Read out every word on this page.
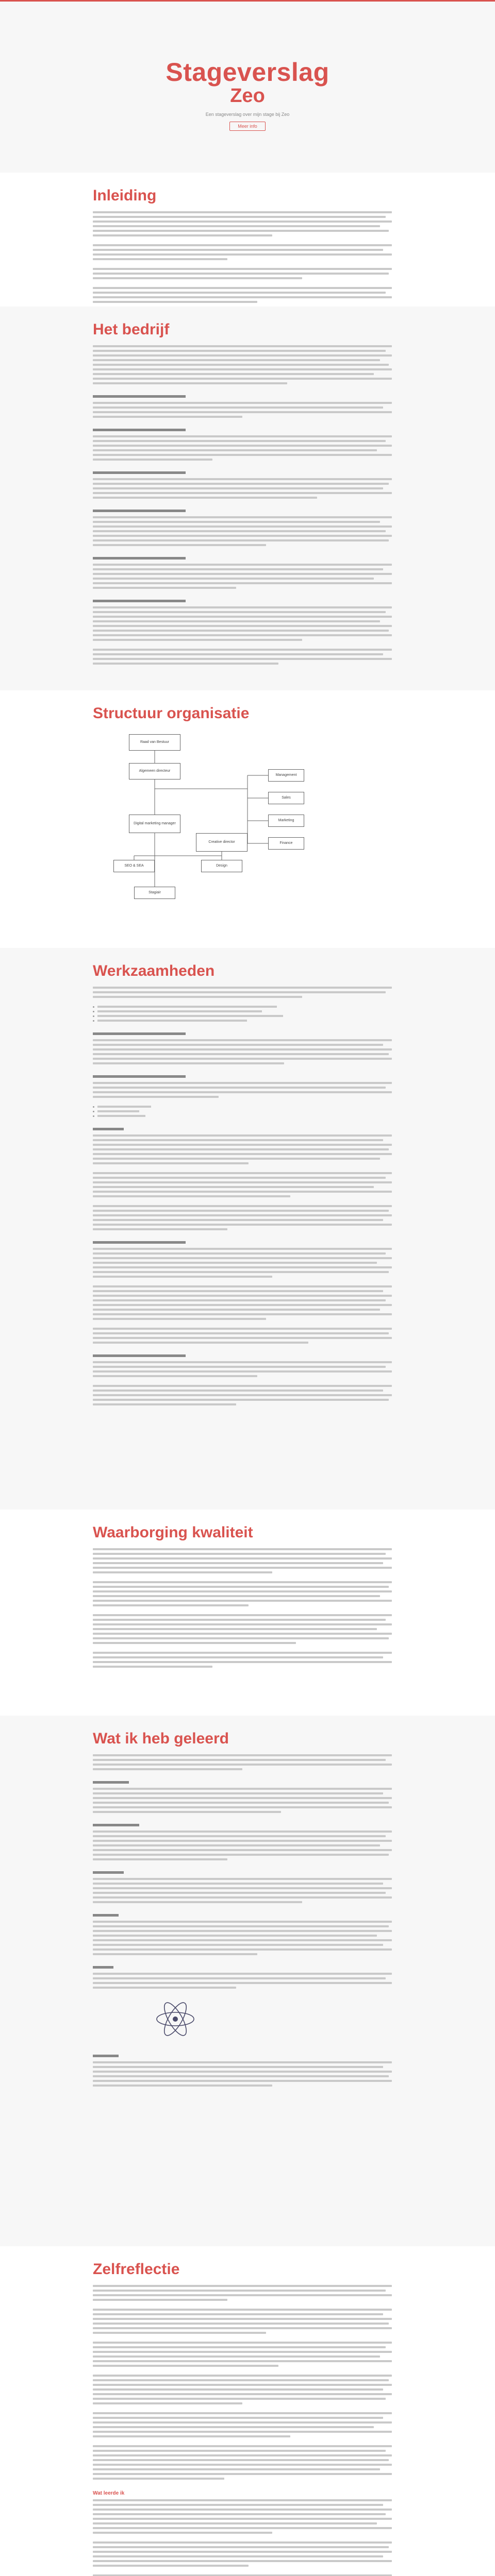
Stageverslag
Zeo
Een stageverslag over mijn stage bij Zeo
Meer info
Inleiding
Het bedrijf
Structuur organisatie
Raad van Bestuur
Algemeen directeur
Management
Sales
Marketing
Finance
Digital marketing manager
Creative director
SEO & SEA	Design
Stagiair
Werkzaamheden
Waarborging kwaliteit
Wat ik heb geleerd
Zelfreflectie
Wat leerde ik
